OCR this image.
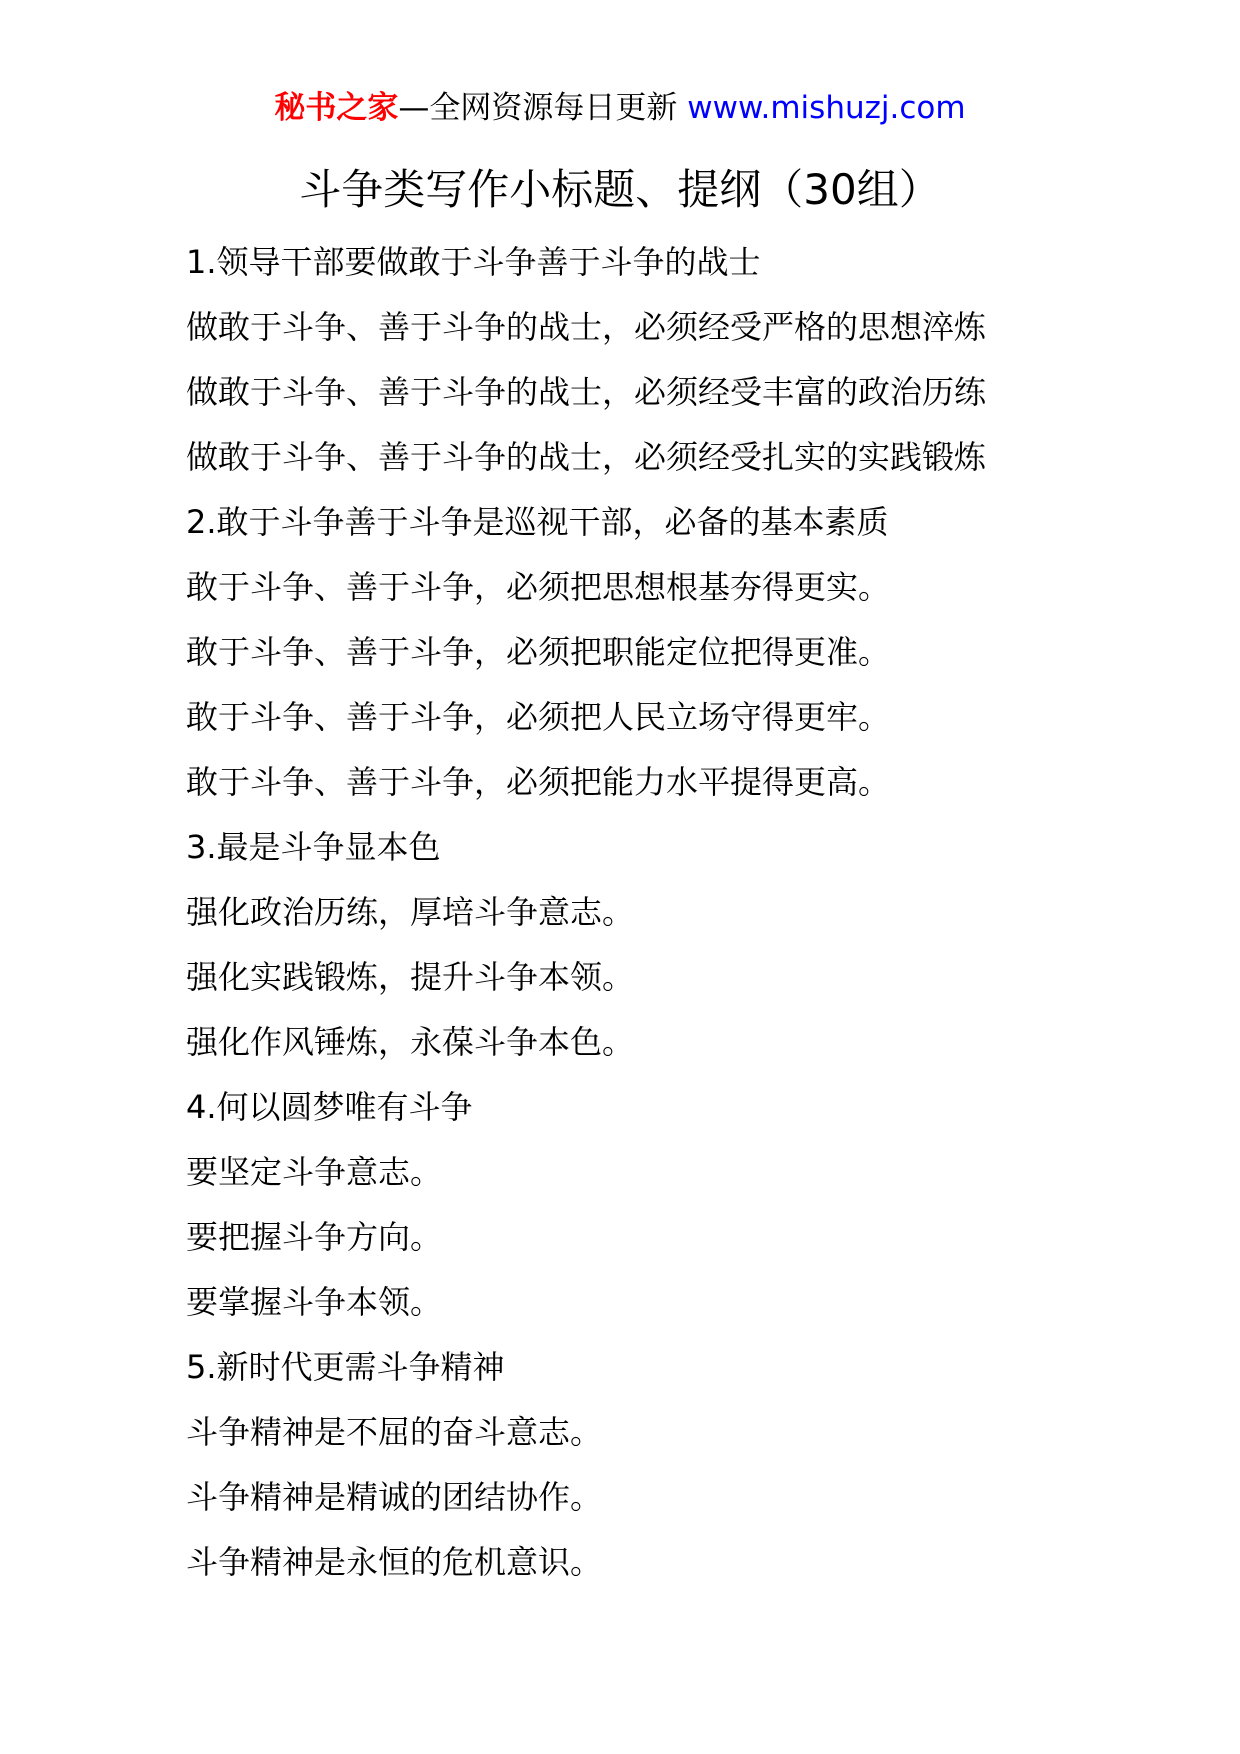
秘书之家—全网资源每日更新 www.mishuzj.com
斗争类写作小标题、提纲（30组）
1.领导干部要做敢于斗争善于斗争的战士
做敢于斗争、善于斗争的战士，必须经受严格的思想淬炼
做敢于斗争、善于斗争的战士，必须经受丰富的政治历练
做敢于斗争、善于斗争的战士，必须经受扎实的实践锻炼
2.敢于斗争善于斗争是巡视干部，必备的基本素质
敢于斗争、善于斗争，必须把思想根基夯得更实。
敢于斗争、善于斗争，必须把职能定位把得更准。
敢于斗争、善于斗争，必须把人民立场守得更牢。
敢于斗争、善于斗争，必须把能力水平提得更高。
3.最是斗争显本色
强化政治历练，厚培斗争意志。
强化实践锻炼，提升斗争本领。
强化作风锤炼，永葆斗争本色。
4.何以圆梦唯有斗争
要坚定斗争意志。
要把握斗争方向。
要掌握斗争本领。
5.新时代更需斗争精神
斗争精神是不屈的奋斗意志。
斗争精神是精诚的团结协作。
斗争精神是永恒的危机意识。
